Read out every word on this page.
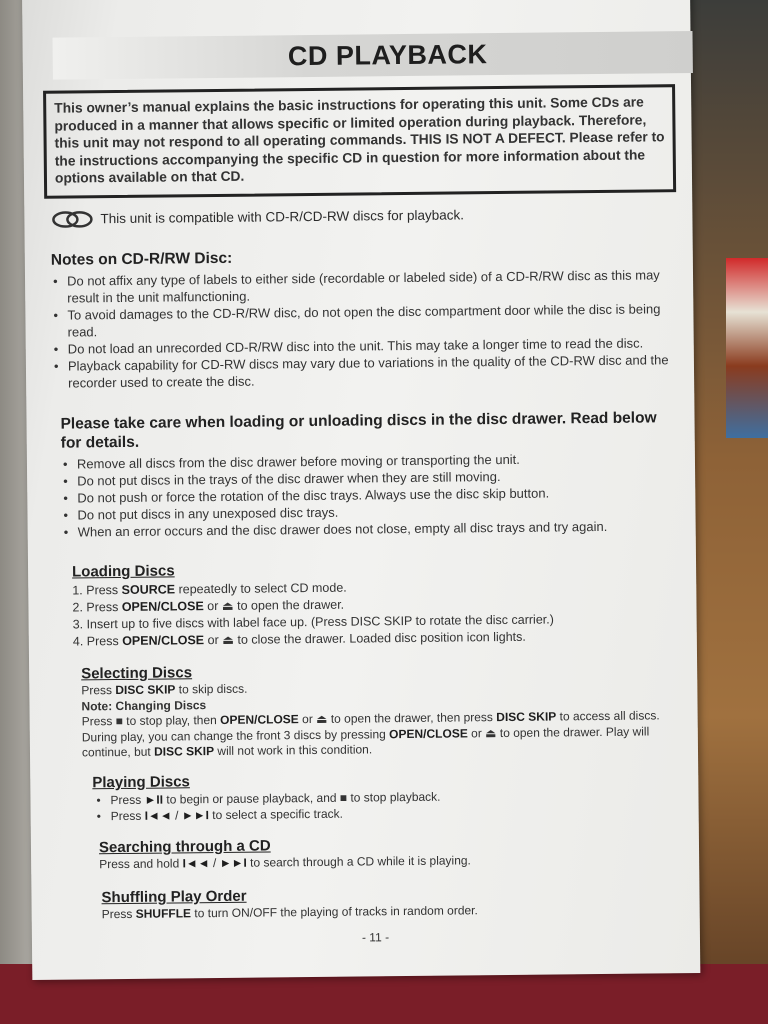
CD PLAYBACK
This owner’s manual explains the basic instructions for operating this unit. Some CDs are produced in a manner that allows specific or limited operation during playback. Therefore, this unit may not respond to all operating commands. THIS IS NOT A DEFECT. Please refer to the instructions accompanying the specific CD in question for more information about the options available on that CD.
This unit is compatible with CD-R/CD-RW discs for playback.
Notes on CD-R/RW Disc:
• Do not affix any type of labels to either side (recordable or labeled side) of a CD-R/RW disc as this may result in the unit malfunctioning.
• To avoid damages to the CD-R/RW disc, do not open the disc compartment door while the disc is being read.
• Do not load an unrecorded CD-R/RW disc into the unit. This may take a longer time to read the disc.
• Playback capability for CD-RW discs may vary due to variations in the quality of the CD-RW disc and the recorder used to create the disc.
Please take care when loading or unloading discs in the disc drawer. Read below for details.
• Remove all discs from the disc drawer before moving or transporting the unit.
• Do not put discs in the trays of the disc drawer when they are still moving.
• Do not push or force the rotation of the disc trays. Always use the disc skip button.
• Do not put discs in any unexposed disc trays.
• When an error occurs and the disc drawer does not close, empty all disc trays and try again.
Loading Discs
1. Press SOURCE repeatedly to select CD mode.
2. Press OPEN/CLOSE or ⏏ to open the drawer.
3. Insert up to five discs with label face up. (Press DISC SKIP to rotate the disc carrier.)
4. Press OPEN/CLOSE or ⏏ to close the drawer. Loaded disc position icon lights.
Selecting Discs
Press DISC SKIP to skip discs.
Note: Changing Discs
Press ■ to stop play, then OPEN/CLOSE or ⏏ to open the drawer, then press DISC SKIP to access all discs. During play, you can change the front 3 discs by pressing OPEN/CLOSE or ⏏ to open the drawer. Play will continue, but DISC SKIP will not work in this condition.
Playing Discs
• Press ►II to begin or pause playback, and ■ to stop playback.
• Press I◄◄ / ►►I to select a specific track.
Searching through a CD
Press and hold I◄◄ / ►►I to search through a CD while it is playing.
Shuffling Play Order
Press SHUFFLE to turn ON/OFF the playing of tracks in random order.
- 11 -
